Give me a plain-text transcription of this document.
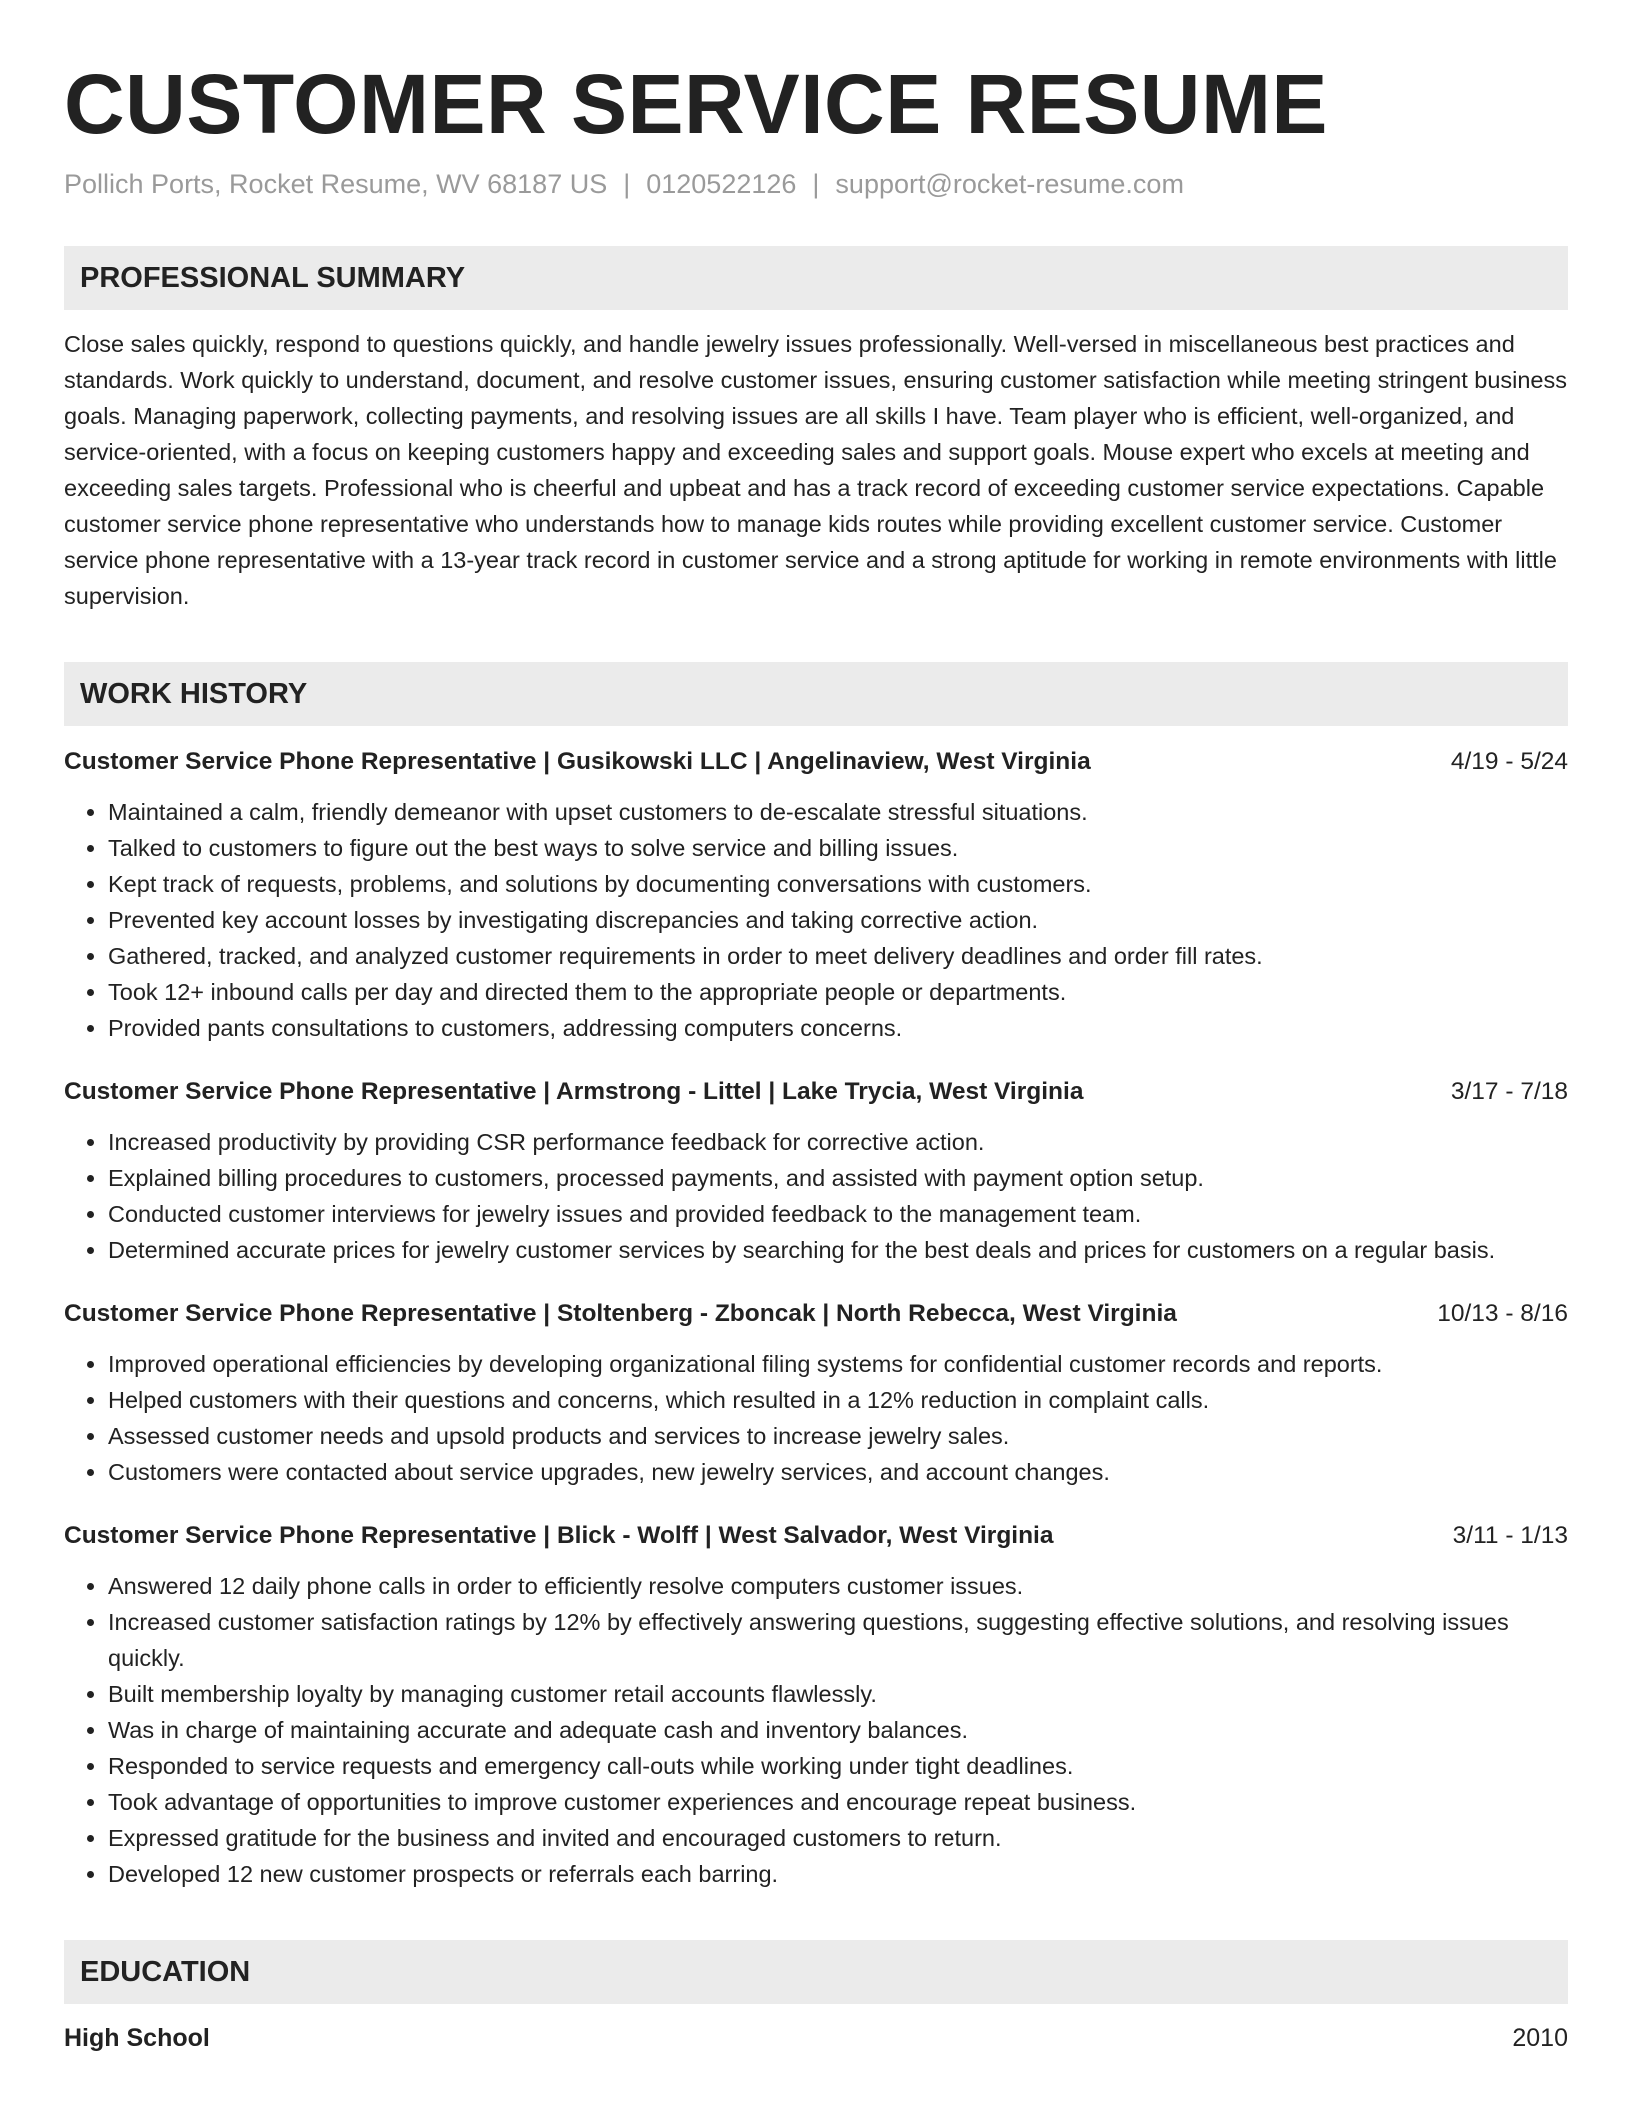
CUSTOMER SERVICE RESUME
Pollich Ports, Rocket Resume, WV 68187 US | 0120522126 | support@rocket-resume.com
PROFESSIONAL SUMMARY
Close sales quickly, respond to questions quickly, and handle jewelry issues professionally. Well-versed in miscellaneous best practices and standards. Work quickly to understand, document, and resolve customer issues, ensuring customer satisfaction while meeting stringent business goals. Managing paperwork, collecting payments, and resolving issues are all skills I have. Team player who is efficient, well-organized, and service-oriented, with a focus on keeping customers happy and exceeding sales and support goals. Mouse expert who excels at meeting and exceeding sales targets. Professional who is cheerful and upbeat and has a track record of exceeding customer service expectations. Capable customer service phone representative who understands how to manage kids routes while providing excellent customer service. Customer service phone representative with a 13-year track record in customer service and a strong aptitude for working in remote environments with little supervision.
WORK HISTORY
Customer Service Phone Representative | Gusikowski LLC | Angelinaview, West Virginia	4/19 - 5/24
• Maintained a calm, friendly demeanor with upset customers to de-escalate stressful situations.
• Talked to customers to figure out the best ways to solve service and billing issues.
• Kept track of requests, problems, and solutions by documenting conversations with customers.
• Prevented key account losses by investigating discrepancies and taking corrective action.
• Gathered, tracked, and analyzed customer requirements in order to meet delivery deadlines and order fill rates.
• Took 12+ inbound calls per day and directed them to the appropriate people or departments.
• Provided pants consultations to customers, addressing computers concerns.
Customer Service Phone Representative | Armstrong - Littel | Lake Trycia, West Virginia	3/17 - 7/18
• Increased productivity by providing CSR performance feedback for corrective action.
• Explained billing procedures to customers, processed payments, and assisted with payment option setup.
• Conducted customer interviews for jewelry issues and provided feedback to the management team.
• Determined accurate prices for jewelry customer services by searching for the best deals and prices for customers on a regular basis.
Customer Service Phone Representative | Stoltenberg - Zboncak | North Rebecca, West Virginia	10/13 - 8/16
• Improved operational efficiencies by developing organizational filing systems for confidential customer records and reports.
• Helped customers with their questions and concerns, which resulted in a 12% reduction in complaint calls.
• Assessed customer needs and upsold products and services to increase jewelry sales.
• Customers were contacted about service upgrades, new jewelry services, and account changes.
Customer Service Phone Representative | Blick - Wolff | West Salvador, West Virginia	3/11 - 1/13
• Answered 12 daily phone calls in order to efficiently resolve computers customer issues.
• Increased customer satisfaction ratings by 12% by effectively answering questions, suggesting effective solutions, and resolving issues quickly.
• Built membership loyalty by managing customer retail accounts flawlessly.
• Was in charge of maintaining accurate and adequate cash and inventory balances.
• Responded to service requests and emergency call-outs while working under tight deadlines.
• Took advantage of opportunities to improve customer experiences and encourage repeat business.
• Expressed gratitude for the business and invited and encouraged customers to return.
• Developed 12 new customer prospects or referrals each barring.
EDUCATION
High School	2010
